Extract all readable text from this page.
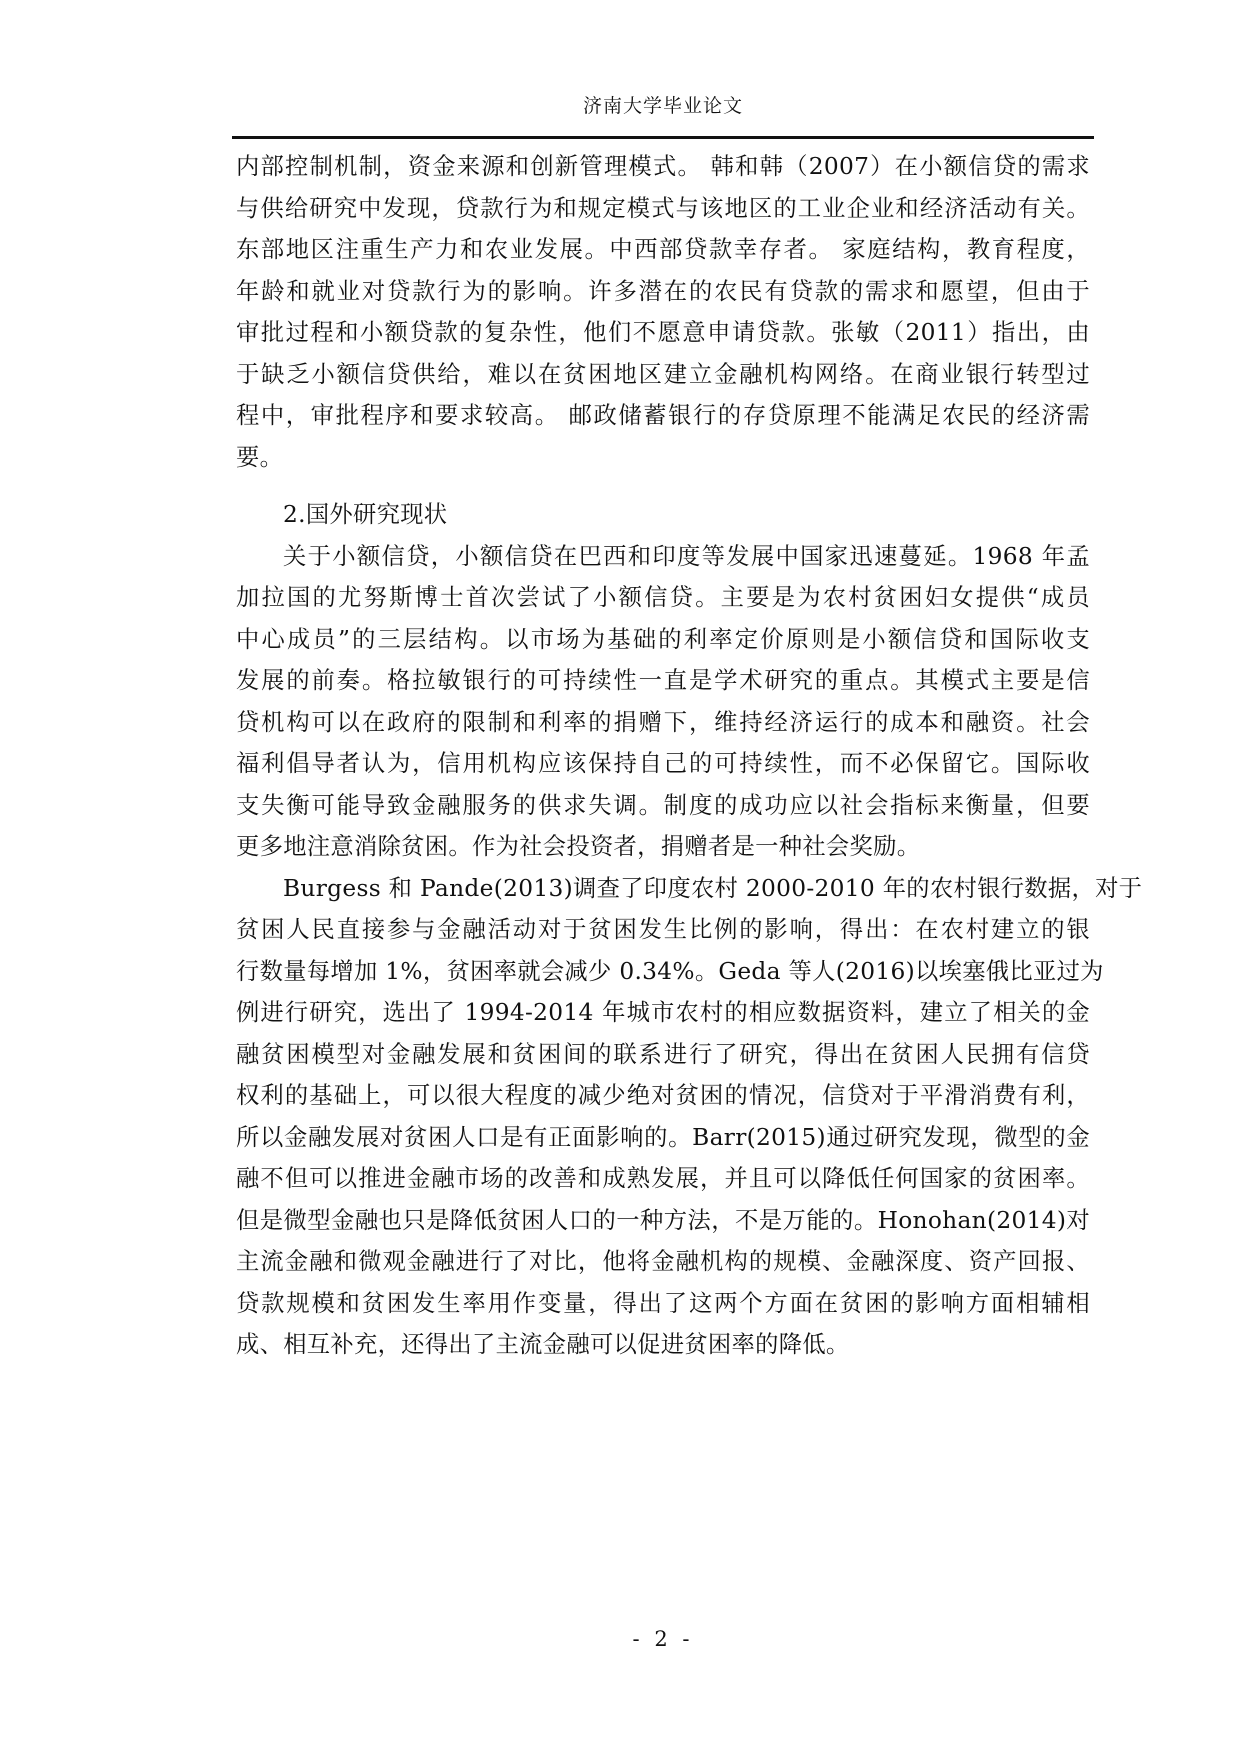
济南大学毕业论文

内部控制机制，资金来源和创新管理模式。 韩和韩（2007）在小额信贷的需求
与供给研究中发现，贷款行为和规定模式与该地区的工业企业和经济活动有关。
东部地区注重生产力和农业发展。中西部贷款幸存者。 家庭结构，教育程度，
年龄和就业对贷款行为的影响。许多潜在的农民有贷款的需求和愿望，但由于
审批过程和小额贷款的复杂性，他们不愿意申请贷款。张敏（2011）指出，由
于缺乏小额信贷供给，难以在贫困地区建立金融机构网络。在商业银行转型过
程中，审批程序和要求较高。 邮政储蓄银行的存贷原理不能满足农民的经济需
要。

2.国外研究现状

关于小额信贷，小额信贷在巴西和印度等发展中国家迅速蔓延。1968 年孟
加拉国的尤努斯博士首次尝试了小额信贷。主要是为农村贫困妇女提供“成员
中心成员”的三层结构。以市场为基础的利率定价原则是小额信贷和国际收支
发展的前奏。格拉敏银行的可持续性一直是学术研究的重点。其模式主要是信
贷机构可以在政府的限制和利率的捐赠下，维持经济运行的成本和融资。社会
福利倡导者认为，信用机构应该保持自己的可持续性，而不必保留它。国际收
支失衡可能导致金融服务的供求失调。制度的成功应以社会指标来衡量，但要
更多地注意消除贫困。作为社会投资者，捐赠者是一种社会奖励。

Burgess 和 Pande(2013)调查了印度农村 2000-2010 年的农村银行数据，对于
贫困人民直接参与金融活动对于贫困发生比例的影响，得出：在农村建立的银
行数量每增加 1%，贫困率就会减少 0.34%。Geda 等人(2016)以埃塞俄比亚过为
例进行研究，选出了 1994-2014 年城市农村的相应数据资料，建立了相关的金
融贫困模型对金融发展和贫困间的联系进行了研究，得出在贫困人民拥有信贷
权利的基础上，可以很大程度的减少绝对贫困的情况，信贷对于平滑消费有利，
所以金融发展对贫困人口是有正面影响的。Barr(2015)通过研究发现，微型的金
融不但可以推进金融市场的改善和成熟发展，并且可以降低任何国家的贫困率。
但是微型金融也只是降低贫困人口的一种方法，不是万能的。Honohan(2014)对
主流金融和微观金融进行了对比，他将金融机构的规模、金融深度、资产回报、
贷款规模和贫困发生率用作变量，得出了这两个方面在贫困的影响方面相辅相
成、相互补充，还得出了主流金融可以促进贫困率的降低。

- 2 -
